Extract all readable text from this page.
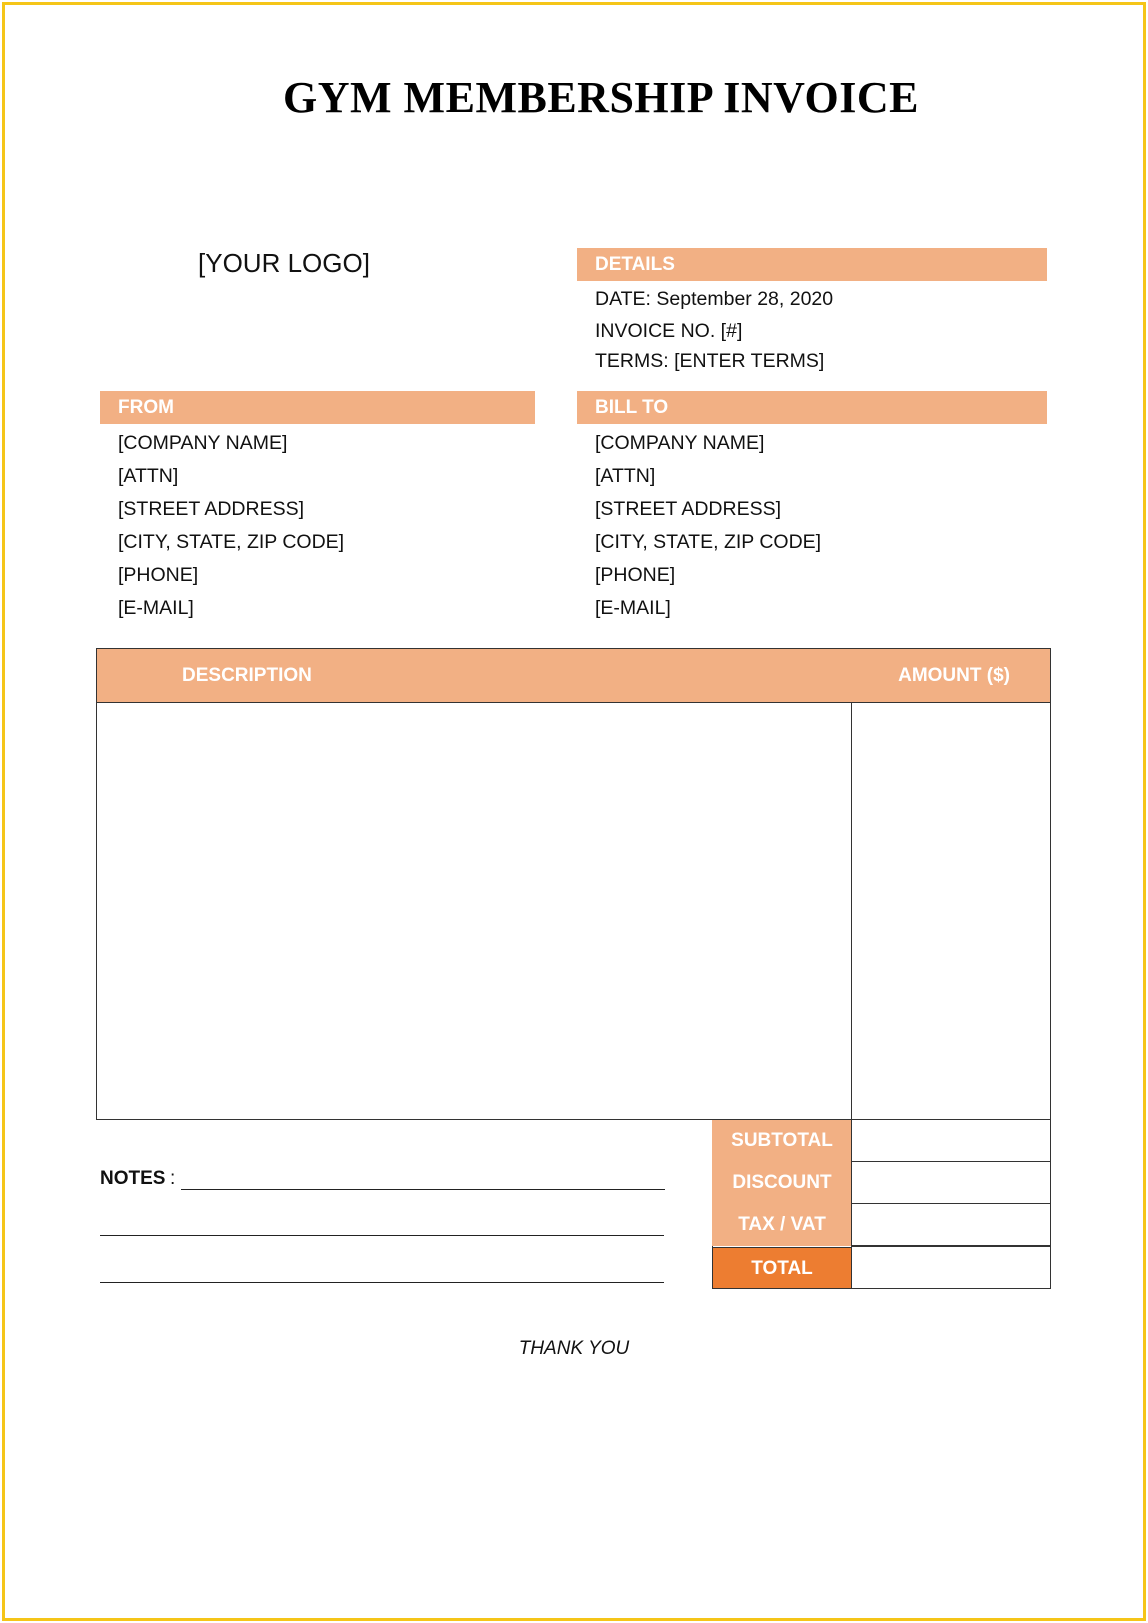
GYM MEMBERSHIP INVOICE
[YOUR LOGO]	DETAILS
DATE: September 28, 2020
INVOICE NO. [#]
TERMS: [ENTER TERMS]
FROM
[COMPANY NAME]
[ATTN]
[STREET ADDRESS]
[CITY, STATE, ZIP CODE]
[PHONE]
[E-MAIL]
BILL TO
[COMPANY NAME]
[ATTN]
[STREET ADDRESS]
[CITY, STATE, ZIP CODE]
[PHONE]
[E-MAIL]
DESCRIPTION	AMOUNT ($)
SUBTOTAL
DISCOUNT
TAX / VAT
TOTAL
NOTES :
THANK YOU
